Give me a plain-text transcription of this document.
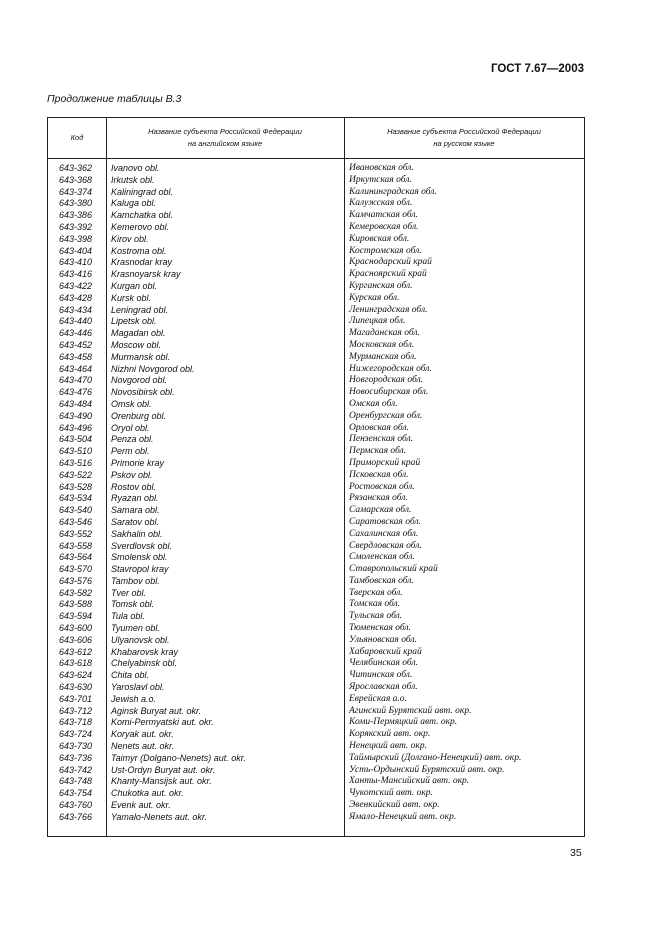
ГОСТ 7.67—2003
Продолжение таблицы В.3
Код
Название субъекта Российской Федерации
на английском языке
Название субъекта Российской Федерации
на русском языке
643-362 Ivanovo obl.	Ивановская обл.
643-368 Irkutsk obl.	Иркутская обл.
643-374 Kaliningrad obl.	Калининградская обл.
643-380 Kaluga obl.	Калужская обл.
643-386 Kamchatka obl.	Камчатская обл.
643-392 Kemerovo obl.	Кемеровская обл.
643-398 Kirov obl.	Кировская обл.
643-404 Kostroma obl.	Костромская обл.
643-410 Krasnodar kray	Краснодарский край
643-416 Krasnoyarsk kray	Красноярский край
643-422 Kurgan obl.	Курганская обл.
643-428 Kursk obl.	Курская обл.
643-434 Leningrad obl.	Ленинградская обл.
643-440 Lipetsk obl.	Липецкая обл.
643-446 Magadan obl.	Магаданская обл.
643-452 Moscow obl.	Московская обл.
643-458 Murmansk obl.	Мурманская обл.
643-464 Nizhni Novgorod obl.	Нижегородская обл.
643-470 Novgorod obl.	Новгородская обл.
643-476 Novosibirsk obl.	Новосибирская обл.
643-484 Omsk obl.	Омская обл.
643-490 Orenburg obl.	Оренбургская обл.
643-496 Oryol obl.	Орловская обл.
643-504 Penza obl.	Пензенская обл.
643-510 Perm obl.	Пермская обл.
643-516 Primorie kray	Приморский край
643-522 Pskov obl.	Псковская обл.
643-528 Rostov obl.	Ростовская обл.
643-534 Ryazan obl.	Рязанская обл.
643-540 Samara obl.	Самарская обл.
643-546 Saratov obl.	Саратовская обл.
643-552 Sakhalin obl.	Сахалинская обл.
643-558 Sverdlovsk obl.	Свердловская обл.
643-564 Smolensk obl.	Смоленская обл.
643-570 Stavropol kray	Ставропольский край
643-576 Tambov obl.	Тамбовская обл.
643-582 Tver obl.	Тверская обл.
643-588 Tomsk obl.	Томская обл.
643-594 Tula obl.	Тульская обл.
643-600 Tyumen obl.	Тюменская обл.
643-606 Ulyanovsk obl.	Ульяновская обл.
643-612 Khabarovsk kray	Хабаровский край
643-618 Chelyabinsk obl.	Челябинская обл.
643-624 Chita obl.	Читинская обл.
643-630 Yaroslavl obl.	Ярославская обл.
643-701 Jewish a.o.	Еврейская а.о.
643-712 Aginsk Buryat aut. okr.	Агинский Бурятский авт. окр.
643-718 Komi-Permyatski aut. okr.	Коми-Пермяцкий авт. окр.
643-724 Koryak aut. okr.	Корякский авт. окр.
643-730 Nenets aut. okr.	Ненецкий авт. окр.
643-736 Taimyr (Dolgano-Nenets) aut. okr.	Таймырский (Долгано-Ненецкий) авт. окр.
643-742 Ust-Ordyn Buryat aut. okr.	Усть-Ордынский Бурятский авт. окр.
643-748 Khanty-Mansijsk aut. okr.	Ханты-Мансийский авт. окр.
643-754 Chukotka aut. okr.	Чукотский авт. окр.
643-760 Evenk aut. okr.	Эвенкийский авт. окр.
643-766 Yamalo-Nenets aut. okr.	Ямало-Ненецкий авт. окр.
35
